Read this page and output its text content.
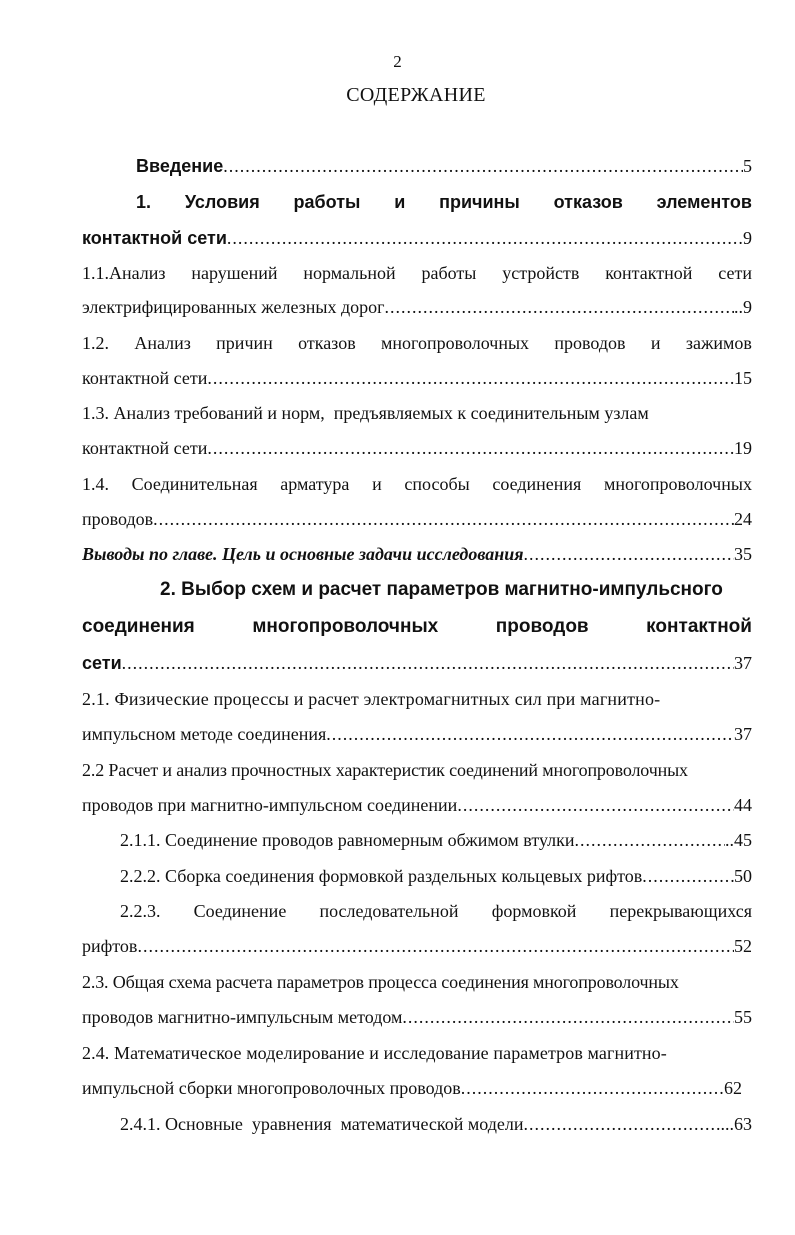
2
СОДЕРЖАНИЕ
Введение .....	5
1. Условия работы и причины отказов элементов
контактной сети .....	9
1.1.Анализ нарушений нормальной работы устройств контактной сети
электрифицированных железных дорог .....	..9
1.2. Анализ причин отказов многопроволочных проводов и зажимов
контактной сети .....	15
1.3. Анализ требований и норм,  предъявляемых к соединительным узлам
контактной сети .....	19
1.4. Соединительная арматура и способы соединения многопроволочных
проводов .....	24
Выводы по главе. Цель и основные задачи исследования .....	35
2. Выбор схем и расчет параметров магнитно-импульсного
соединения	многопроволочных	проводов	контактной
сети .....	37
2.1. Физические процессы и расчет электромагнитных сил при магнитно-
импульсном методе соединения .....	37
2.2 Расчет и анализ прочностных характеристик соединений многопроволочных
проводов при магнитно-импульсном соединении .....	44
2.1.1. Соединение проводов равномерным обжимом втулки .....	..45
2.2.2. Сборка соединения формовкой раздельных кольцевых рифтов .....	50
2.2.3. Соединение последовательной формовкой перекрывающихся
рифтов .....	52
2.3. Общая схема расчета параметров процесса соединения многопроволочных
проводов магнитно-импульсным методом .....	55
2.4. Математическое моделирование и исследование параметров магнитно-
импульсной сборки многопроволочных проводов .....	62
2.4.1. Основные  уравнения  математической модели .....	...63
